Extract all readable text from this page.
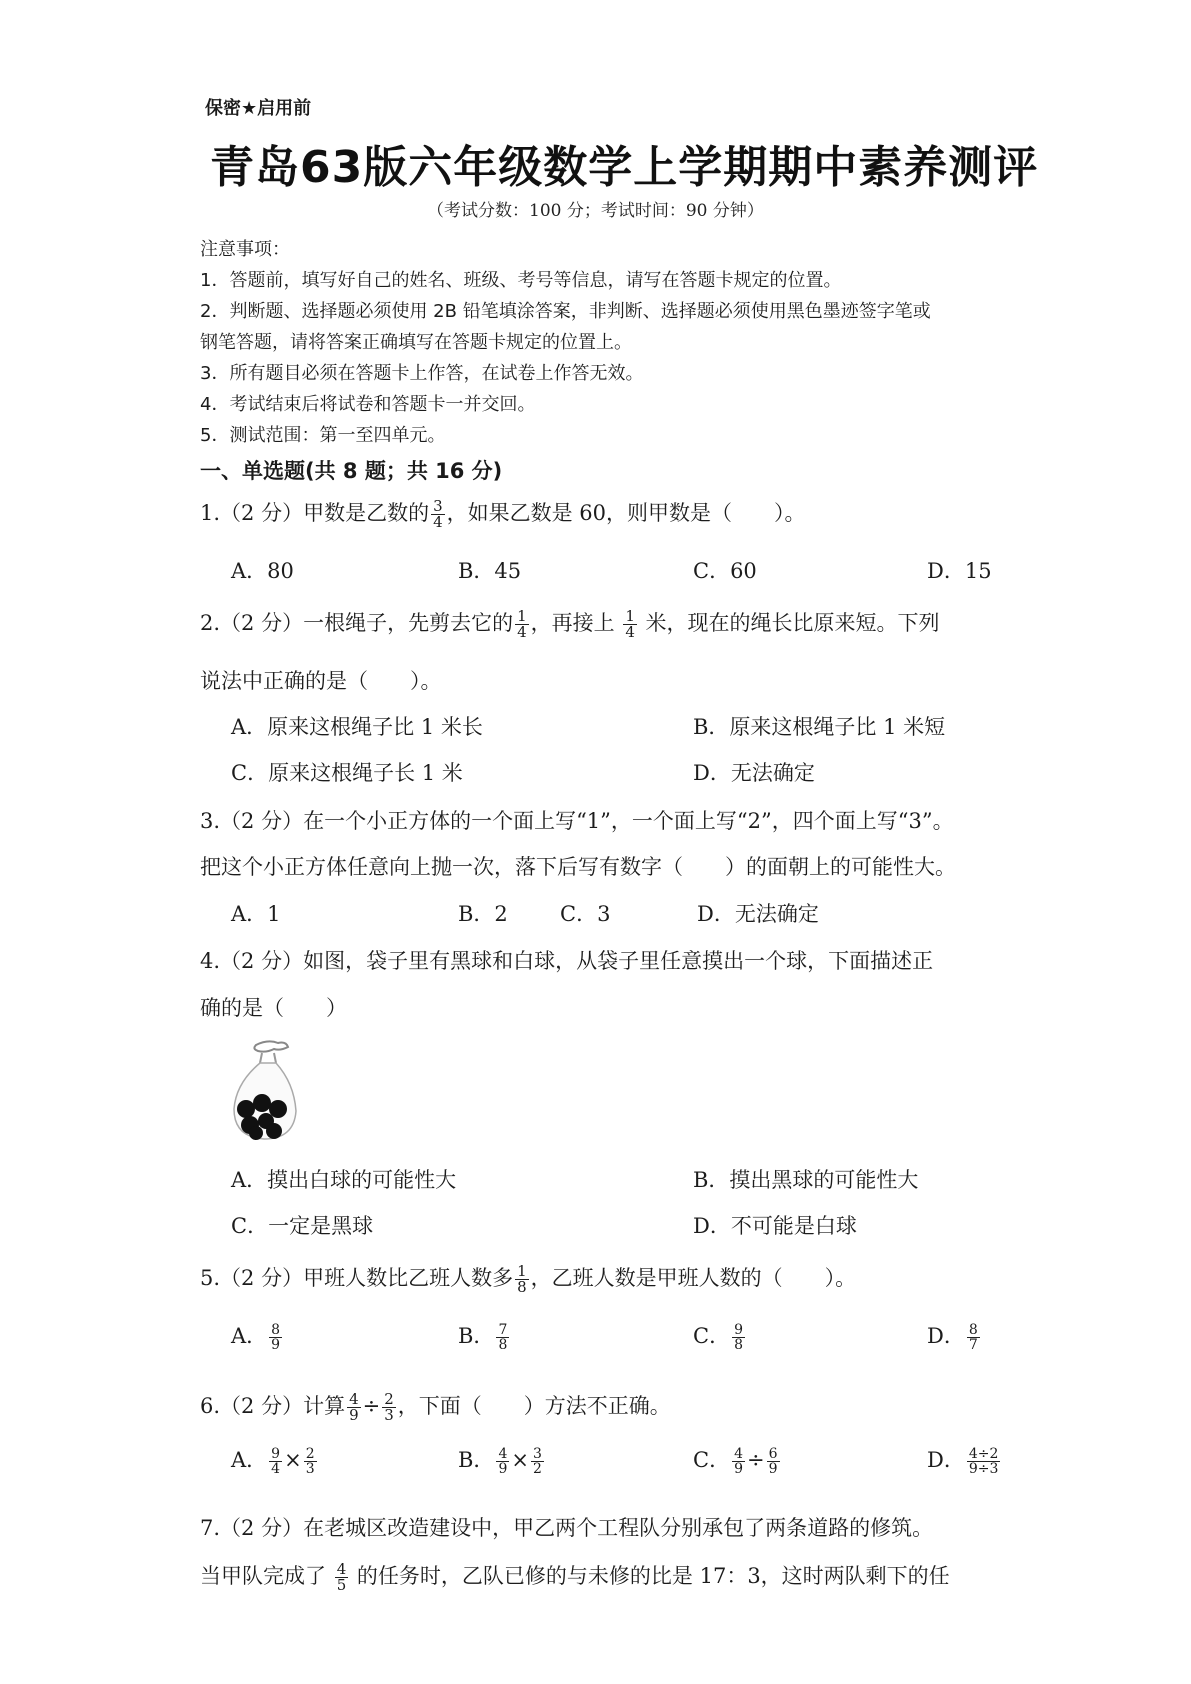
保密★启用前
青岛63版六年级数学上学期期中素养测评
（考试分数：100 分；考试时间：90 分钟）
注意事项：
1．答题前，填写好自己的姓名、班级、考号等信息，请写在答题卡规定的位置。
2．判断题、选择题必须使用 2B 铅笔填涂答案，非判断、选择题必须使用黑色墨迹签字笔或
钢笔答题，请将答案正确填写在答题卡规定的位置上。
3．所有题目必须在答题卡上作答，在试卷上作答无效。
4．考试结束后将试卷和答题卡一并交回。
5．测试范围：第一至四单元。
一、单选题(共 8 题；共 16 分)
1.（2 分）甲数是乙数的 $\frac{3}{4}$ ，如果乙数是 60，则甲数是（　　）。
A．80	B．45	C．60	D．15
2.（2 分）一根绳子，先剪去它的 $\frac{1}{4}$ ，再接上 $\frac{1}{4}$ 米，现在的绳长比原来短。下列
说法中正确的是（　　）。
A．原来这根绳子比 1 米长	B．原来这根绳子比 1 米短
C．原来这根绳子长 1 米	D．无法确定
3.（2 分）在一个小正方体的一个面上写“1”，一个面上写“2”，四个面上写“3”。
把这个小正方体任意向上抛一次，落下后写有数字（　　）的面朝上的可能性大。
A．1	B．2 C．3	D．无法确定
4.（2 分）如图，袋子里有黑球和白球，从袋子里任意摸出一个球，下面描述正
确的是（　　）
A．摸出白球的可能性大	B．摸出黑球的可能性大
C．一定是黑球	D．不可能是白球
5.（2 分）甲班人数比乙班人数多 $\frac{1}{8}$ ，乙班人数是甲班人数的（　　）。
A． $\frac{8}{9}$	B． $\frac{7}{8}$	C． $\frac{9}{8}$	D． $\frac{8}{7}$
6.（2 分）计算 $\frac{4}{9} \div \frac{2}{3}$ ，下面（　　）方法不正确。
A． $\frac{9}{4} \times \frac{2}{3}$	B． $\frac{4}{9} \times \frac{3}{2}$	C． $\frac{4}{9} \div \frac{6}{9}$	D． $\frac{4\div 2}{9\div 3}$
7.（2 分）在老城区改造建设中，甲乙两个工程队分别承包了两条道路的修筑。
当甲队完成了 $\frac{4}{5}$ 的任务时，乙队已修的与未修的比是 17：3，这时两队剩下的任
